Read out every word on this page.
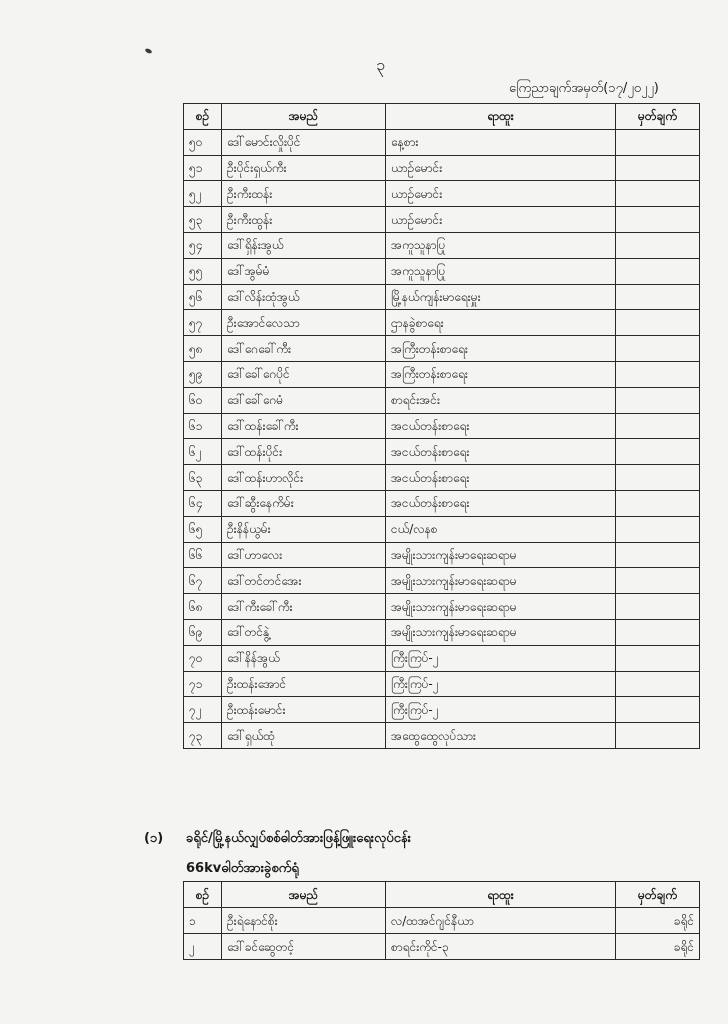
၃
ကြေညာချက်အမှတ်(၁၇/၂၀၂၂)
စဉ်	အမည်	ရာထူး	မှတ်ချက်
၅၀	ဒေါ်မောင်းလှိုးပိုင်	နေ့စား	
၅၁	ဦးပိုင်းရှယ်ကီး	ယာဉ်မောင်း	
၅၂	ဦးကီးထန်း	ယာဉ်မောင်း	
၅၃	ဦးကီးထွန်း	ယာဉ်မောင်း	
၅၄	ဒေါ်ရှိန်းအွယ်	အကူသူနာပြု	
၅၅	ဒေါ်အွမ်မံ	အကူသူနာပြု	
၅၆	ဒေါ်လိန်းထုံအွယ်	မြို့နယ်ကျန်းမာရေးမှူး	
၅၇	ဦးအောင်လေသာ	ဌာနခွဲစာရေး	
၅၈	ဒေါ်ဂေခေါ်ကီး	အကြီးတန်းစာရေး	
၅၉	ဒေါ်ခေါ်ဂေပိုင်	အကြီးတန်းစာရေး	
၆၀	ဒေါ်ခေါ်ဂေမံ	စာရင်းအင်း	
၆၁	ဒေါ်ထန်းခေါ်ကီး	အငယ်တန်းစာရေး	
၆၂	ဒေါ်ထန်းပိုင်း	အငယ်တန်းစာရေး	
၆၃	ဒေါ်ထန်းဟာလိုင်း	အငယ်တန်းစာရေး	
၆၄	ဒေါ်ဆွီးနေကိမ်း	အငယ်တန်းစာရေး	
၆၅	ဦးနိန်ယွမ်း	ငယ်/လနစ	
၆၆	ဒေါ်ဟာလေး	အမျိုးသားကျန်းမာရေးဆရာမ	
၆၇	ဒေါ်တင်တင်အေး	အမျိုးသားကျန်းမာရေးဆရာမ	
၆၈	ဒေါ်ကီးခေါ်ကီး	အမျိုးသားကျန်းမာရေးဆရာမ	
၆၉	ဒေါ်တင်နွဲ့	အမျိုးသားကျန်းမာရေးဆရာမ	
၇၀	ဒေါ်နိန်အွယ်	ကြီးကြပ်-၂	
၇၁	ဦးထန်းအောင်	ကြီးကြပ်-၂	
၇၂	ဦးထန်းမောင်း	ကြီးကြပ်-၂	
၇၃	ဒေါ်ရှယ်ထုံ	အထွေထွေလုပ်သား	
(၁) ခရိုင်/မြို့နယ်လျှပ်စစ်ဓါတ်အားဖြန့်ဖြူးရေးလုပ်ငန်း
66kvဓါတ်အားခွဲစက်ရုံ
စဉ်	အမည်	ရာထူး	မှတ်ချက်
၁	ဦးရဲနောင်စိုး	လ/ထအင်ဂျင်နီယာ	ခရိုင်
၂	ဒေါ်ခင်ဆွေတင့်	စာရင်းကိုင်-၃	ခရိုင်
